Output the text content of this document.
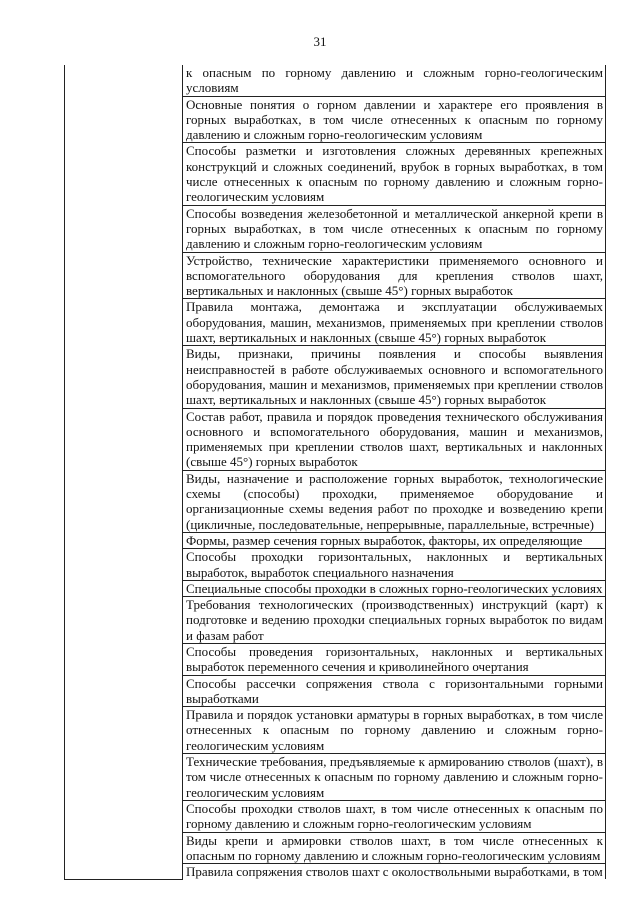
31
	к опасным по горному давлению и сложным горно-геологическим условиям
Основные понятия о горном давлении и характере его проявления в горных выработках, в том числе отнесенных к опасным по горному давлению и сложным горно-геологическим условиям
Способы разметки и изготовления сложных деревянных крепежных конструкций и сложных соединений, врубок в горных выработках, в том числе отнесенных к опасным по горному давлению и сложным горно-геологическим условиям
Способы возведения железобетонной и металлической анкерной крепи в горных выработках, в том числе отнесенных к опасным по горному давлению и сложным горно-геологическим условиям
Устройство, технические характеристики применяемого основного и вспомогательного оборудования для крепления стволов шахт, вертикальных и наклонных (свыше 45°) горных выработок
Правила монтажа, демонтажа и эксплуатации обслуживаемых оборудования, машин, механизмов, применяемых при креплении стволов шахт, вертикальных и наклонных (свыше 45°) горных выработок
Виды, признаки, причины появления и способы выявления неисправностей в работе обслуживаемых основного и вспомогательного оборудования, машин и механизмов, применяемых при креплении стволов шахт, вертикальных и наклонных (свыше 45°) горных выработок
Состав работ, правила и порядок проведения технического обслуживания основного и вспомогательного оборудования, машин и механизмов, применяемых при креплении стволов шахт, вертикальных и наклонных (свыше 45°) горных выработок
Виды, назначение и расположение горных выработок, технологические схемы (способы) проходки, применяемое оборудование и организационные схемы ведения работ по проходке и возведению крепи (цикличные, последовательные, непрерывные, параллельные, встречные)
Формы, размер сечения горных выработок, факторы, их определяющие
Способы проходки горизонтальных, наклонных и вертикальных выработок, выработок специального назначения
Специальные способы проходки в сложных горно-геологических условиях
Требования технологических (производственных) инструкций (карт) к подготовке и ведению проходки специальных горных выработок по видам и фазам работ
Способы проведения горизонтальных, наклонных и вертикальных выработок переменного сечения и криволинейного очертания
Способы рассечки сопряжения ствола с горизонтальными горными выработками
Правила и порядок установки арматуры в горных выработках, в том числе отнесенных к опасным по горному давлению и сложным горно-геологическим условиям
Технические требования, предъявляемые к армированию стволов (шахт), в том числе отнесенных к опасным по горному давлению и сложным горно-геологическим условиям
Способы проходки стволов шахт, в том числе отнесенных к опасным по горному давлению и сложным горно-геологическим условиям
Виды крепи и армировки стволов шахт, в том числе отнесенных к опасным по горному давлению и сложным горно-геологическим условиям
Правила сопряжения стволов шахт с околоствольными выработками, в том
